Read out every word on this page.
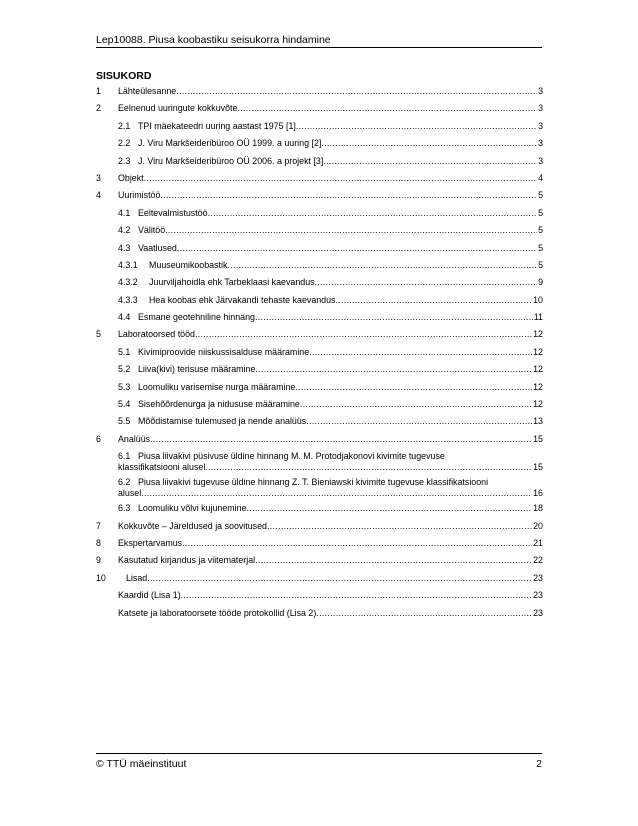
Lep10088. Piusa koobastiku seisukorra hindamine
SISUKORD
1 Lähteülesanne .....	3
2 Eelnenud uuringute kokkuvõte .....	3
2.1 TPI mäekateedri uuring aastast 1975 [1] .....	3
2.2 J. Viru Markšeideribüroo OÜ 1999. a uuring [2] .....	3
2.3 J. Viru Markšeideribüroo OÜ 2006. a projekt [3] .....	3
3 Objekt .....	4
4 Uurimistöö .....	5
4.1 Eeltevalmistustöö .....	5
4.2 Välitöö .....	5
4.3 Vaatlused .....	5
4.3.1 Muuseumikoobastik .....	5
4.3.2 Juurviljahoidla ehk Tarbeklaasi kaevandus .....	9
4.3.3 Hea koobas ehk Järvakandi tehaste kaevandus .....	10
4.4 Esmane geotehniline hinnang .....	11
5 Laboratoorsed tööd .....	12
5.1 Kivimiproovide niiskussisalduse määramine .....	12
5.2 Liiva(kivi) terisuse määramine .....	12
5.3 Loomuliku varisemise nurga määramine .....	12
5.4 Sisehõõrdenurga ja nidususe määramine .....	12
5.5 Mõõdistamise tulemused ja nende analüüs .....	13
6 Analüüs .....	15
6.1 Piusa liivakivi püsivuse üldine hinnang M. M. Protodjakonovi kivimite tugevuse
klassifikatsiooni alusel .....	15
6.2 Piusa liivakivi tugevuse üldine hinnang Z. T. Bieniawski kivimite tugevuse klassifikatsiooni
alusel .....	16
6.3 Loomuliku võlvi kujunemine .....	18
7 Kokkuvõte – Järeldused ja soovitused .....	20
8 Ekspertarvamus .....	21
9 Kasutatud kirjandus ja viitematerjal .....	22
10 Lisad .....	23
Kaardid (Lisa 1) .....	23
Katsete ja laboratoorsete tööde protokollid (Lisa 2) .....	23
© TTÜ mäeinstituut	2
